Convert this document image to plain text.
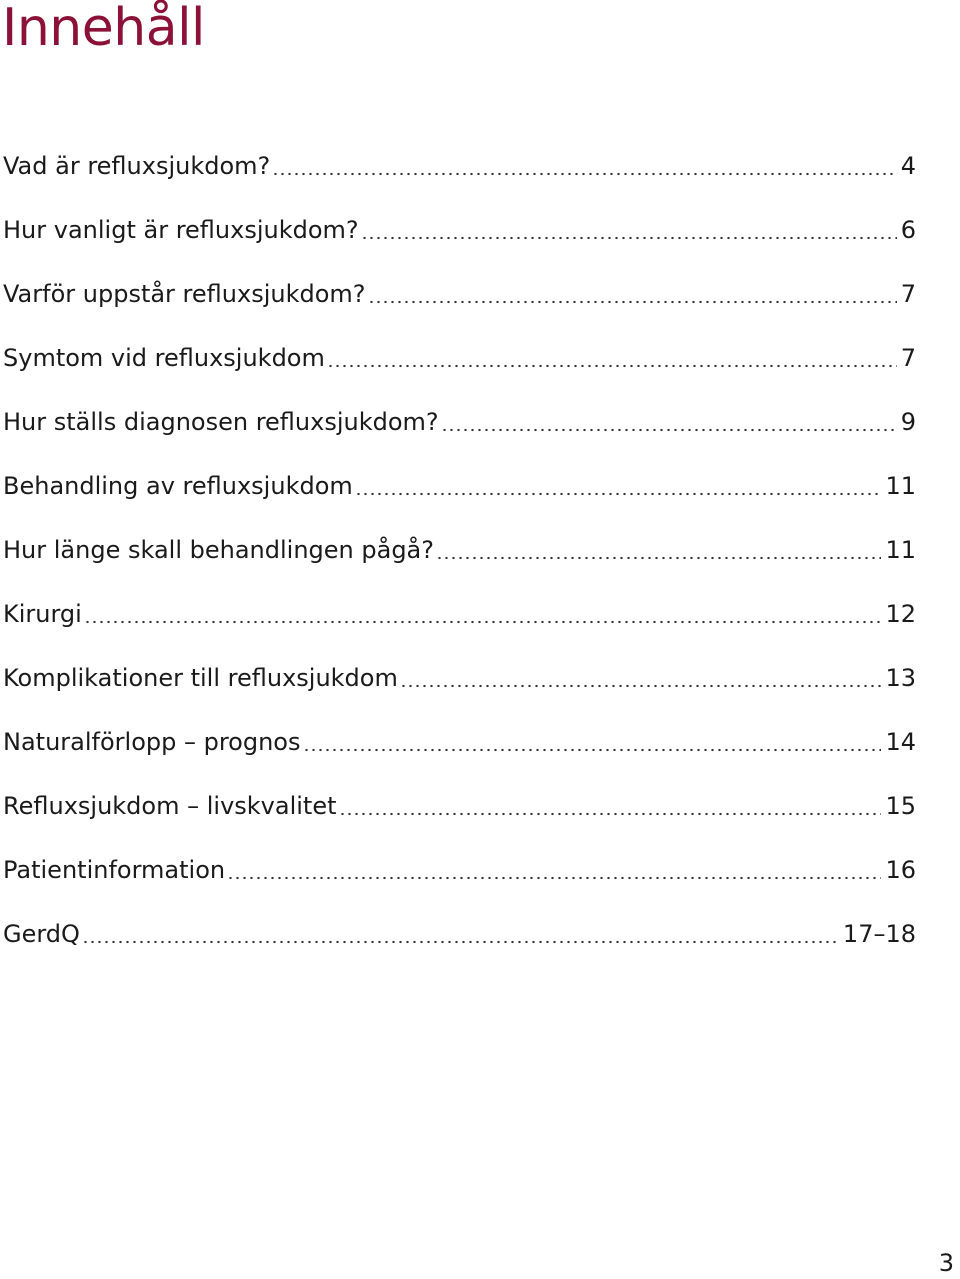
Innehåll
Vad är refluxsjukdom?	4
Hur vanligt är refluxsjukdom?	6
Varför uppstår refluxsjukdom?	7
Symtom vid refluxsjukdom	7
Hur ställs diagnosen refluxsjukdom?	9
Behandling av refluxsjukdom	11
Hur länge skall behandlingen pågå?	11
Kirurgi	12
Komplikationer till refluxsjukdom	13
Naturalförlopp – prognos	14
Refluxsjukdom – livskvalitet	15
Patientinformation	16
GerdQ	17–18
3
